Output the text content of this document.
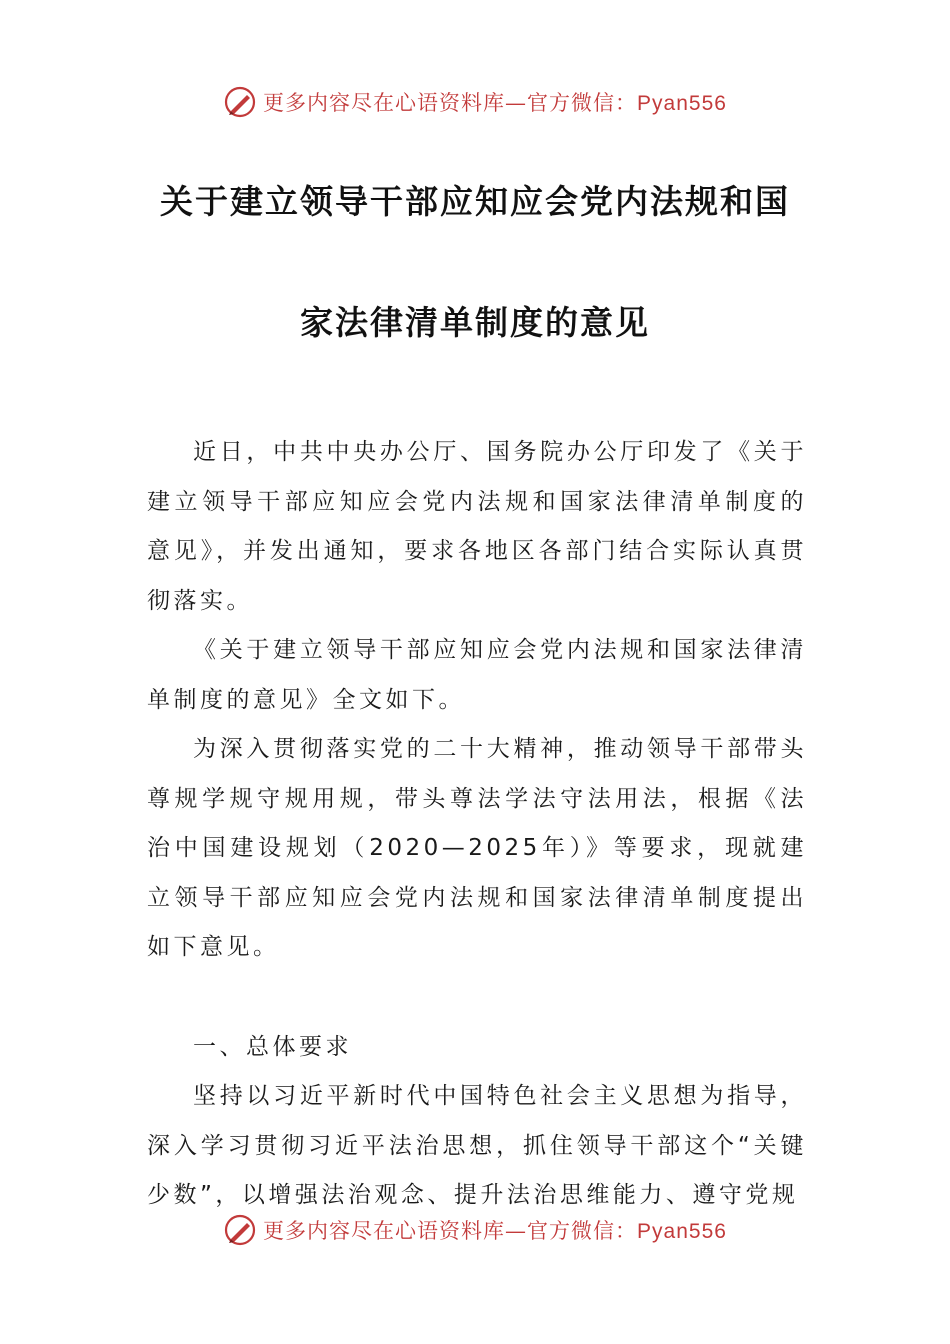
更多内容尽在心语资料库—官方微信：Pyan556
关于建立领导干部应知应会党内法规和国
家法律清单制度的意见

近日，中共中央办公厅、国务院办公厅印发了《关于建立领导干部应知应会党内法规和国家法律清单制度的意见》，并发出通知，要求各地区各部门结合实际认真贯彻落实。

《关于建立领导干部应知应会党内法规和国家法律清单制度的意见》全文如下。

为深入贯彻落实党的二十大精神，推动领导干部带头尊规学规守规用规，带头尊法学法守法用法，根据《法治中国建设规划（2020—2025年）》等要求，现就建立领导干部应知应会党内法规和国家法律清单制度提出如下意见。

一、总体要求

坚持以习近平新时代中国特色社会主义思想为指导，深入学习贯彻习近平法治思想，抓住领导干部这个“关键少数”，以增强法治观念、提升法治思维能力、遵守党规

更多内容尽在心语资料库—官方微信：Pyan556
